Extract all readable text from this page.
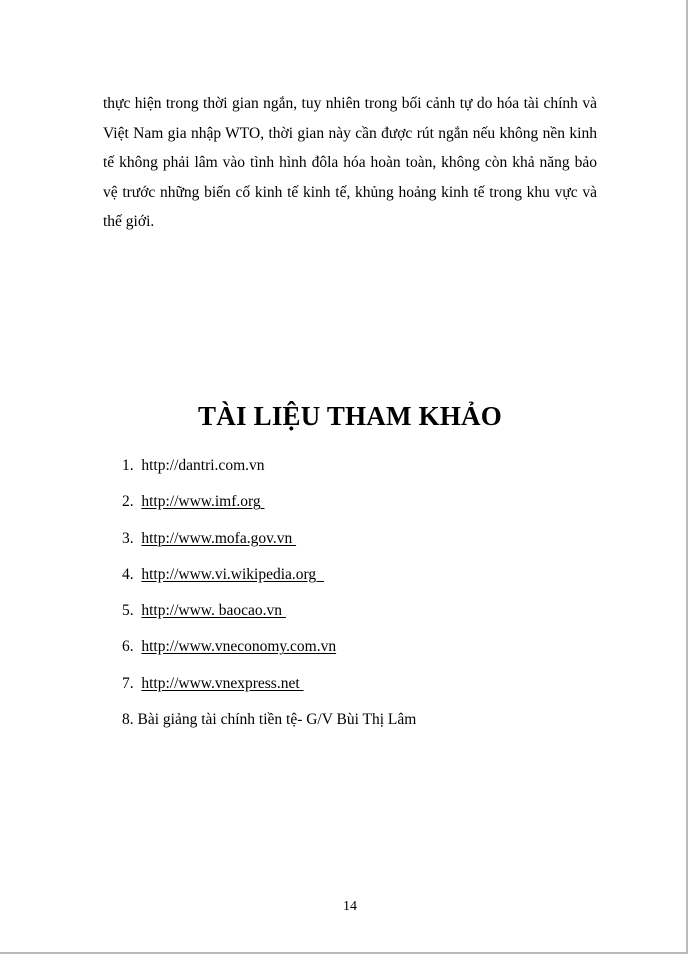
thực hiện trong thời gian ngắn, tuy nhiên trong bối cảnh tự do hóa tài chính và Việt Nam gia nhập WTO, thời gian này cần được rút ngắn nếu không nền kinh tế không phải lâm vào tình hình đôla hóa hoàn toàn, không còn khả năng bảo vệ trước những biến cố kinh tế kinh tế, khủng hoảng kinh tế trong khu vực và thế giới.

TÀI LIỆU THAM KHẢO
1. http://dantri.com.vn
2. http://www.imf.org
3. http://www.mofa.gov.vn
4. http://www.vi.wikipedia.org
5. http://www. baocao.vn
6. http://www.vneconomy.com.vn
7. http://www.vnexpress.net
8. Bài giảng tài chính tiền tệ- G/V Bùi Thị Lâm

14
